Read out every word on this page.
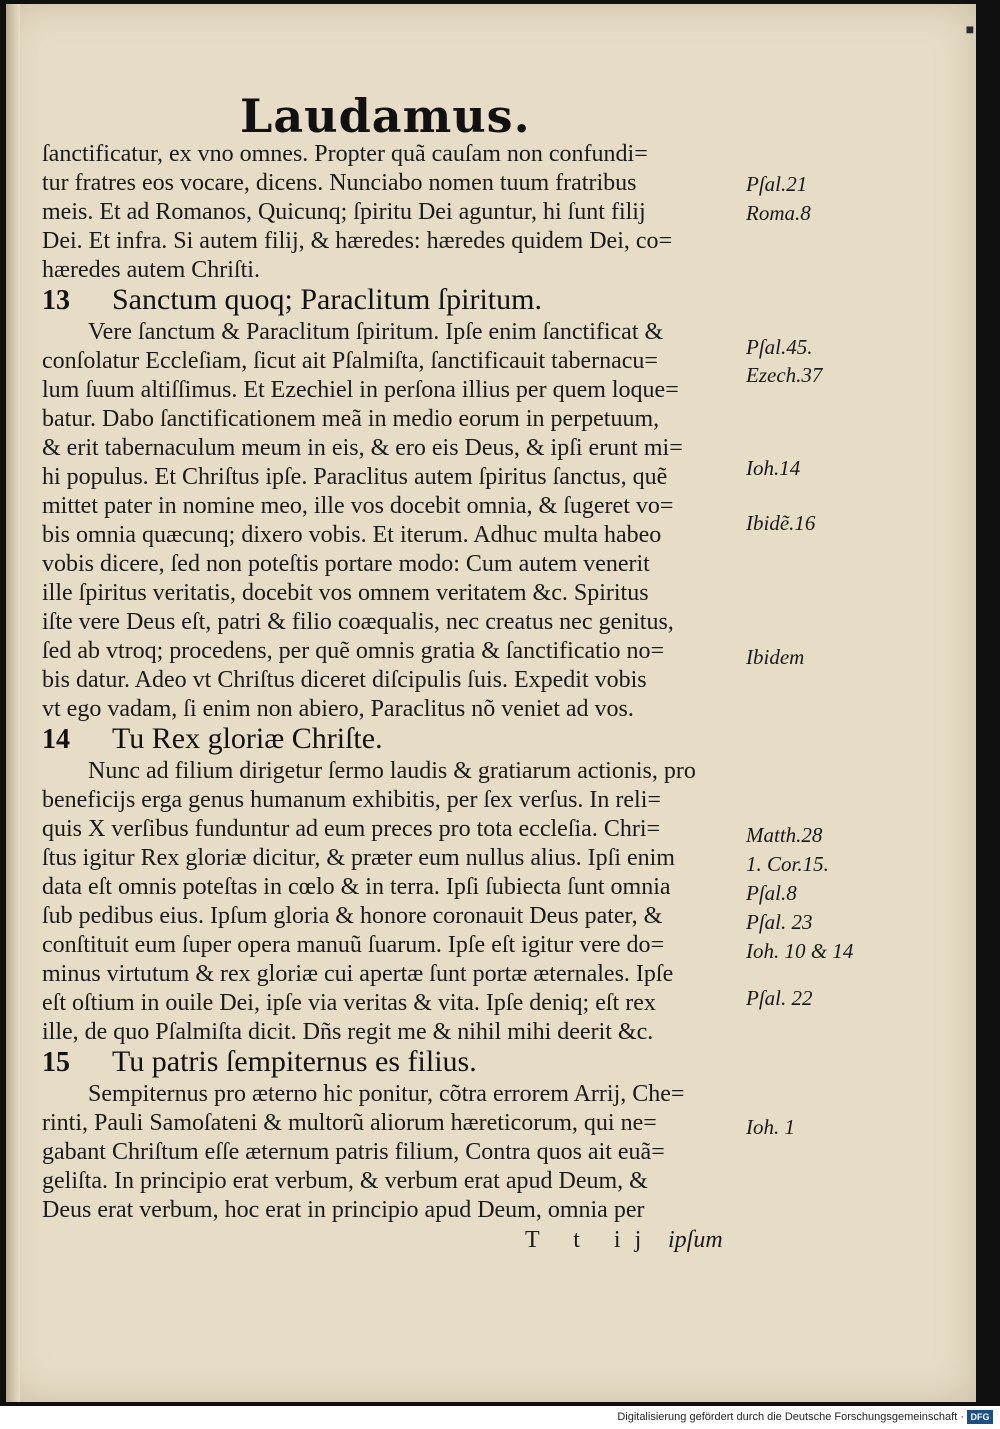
■
Laudamus.
ſanctificatur, ex vno omnes. Propter quã cauſam non confundi=
tur fratres eos vocare, dicens. Nunciabo nomen tuum fratribus
meis. Et ad Romanos, Quicunq; ſpiritu Dei aguntur, hi ſunt filij
Dei. Et infra. Si autem filij, & hæredes: hæredes quidem Dei, co=
hæredes autem Chriſti.
13 Sanctum quoq; Paraclitum ſpiritum.
Vere ſanctum & Paraclitum ſpiritum. Ipſe enim ſanctificat &
conſolatur Eccleſiam, ſicut ait Pſalmiſta, ſanctificauit tabernacu=
lum ſuum altiſſimus. Et Ezechiel in perſona illius per quem loque=
batur. Dabo ſanctificationem meã in medio eorum in perpetuum,
& erit tabernaculum meum in eis, & ero eis Deus, & ipſi erunt mi=
hi populus. Et Chriſtus ipſe. Paraclitus autem ſpiritus ſanctus, quẽ
mittet pater in nomine meo, ille vos docebit omnia, & ſugeret vo=
bis omnia quæcunq; dixero vobis. Et iterum. Adhuc multa habeo
vobis dicere, ſed non poteſtis portare modo: Cum autem venerit
ille ſpiritus veritatis, docebit vos omnem veritatem &c. Spiritus
iſte vere Deus eſt, patri & filio coæqualis, nec creatus nec genitus,
ſed ab vtroq; procedens, per quẽ omnis gratia & ſanctificatio no=
bis datur. Adeo vt Chriſtus diceret diſcipulis ſuis. Expedit vobis
vt ego vadam, ſi enim non abiero, Paraclitus nõ veniet ad vos.
14 Tu Rex gloriæ Chriſte.
Nunc ad filium dirigetur ſermo laudis & gratiarum actionis, pro
beneficijs erga genus humanum exhibitis, per ſex verſus. In reli=
quis X verſibus funduntur ad eum preces pro tota eccleſia. Chri=
ſtus igitur Rex gloriæ dicitur, & præter eum nullus alius. Ipſi enim
data eſt omnis poteſtas in cœlo & in terra. Ipſi ſubiecta ſunt omnia
ſub pedibus eius. Ipſum gloria & honore coronauit Deus pater, &
conſtituit eum ſuper opera manuũ ſuarum. Ipſe eſt igitur vere do=
minus virtutum & rex gloriæ cui apertæ ſunt portæ æternales. Ipſe
eſt oſtium in ouile Dei, ipſe via veritas & vita. Ipſe deniq; eſt rex
ille, de quo Pſalmiſta dicit. Dñs regit me & nihil mihi deerit &c.
15 Tu patris ſempiternus es filius.
Sempiternus pro æterno hic ponitur, cõtra errorem Arrij, Che=
rinti, Pauli Samoſateni & multorũ aliorum hæreticorum, qui ne=
gabant Chriſtum eſſe æternum patris filium, Contra quos ait euã=
geliſta. In principio erat verbum, & verbum erat apud Deum, &
Deus erat verbum, hoc erat in principio apud Deum, omnia per
T t ij ipſum
Pſal.21
Roma.8
Pſal.45.
Ezech.37
Ioh.14
Ibidẽ.16
Ibidem
Matth.28
1. Cor.15.
Pſal.8
Pſal. 23
Ioh. 10 & 14
Pſal. 22
Ioh. 1
Digitalisierung gefördert durch die Deutsche Forschungsgemeinschaft · DFG
